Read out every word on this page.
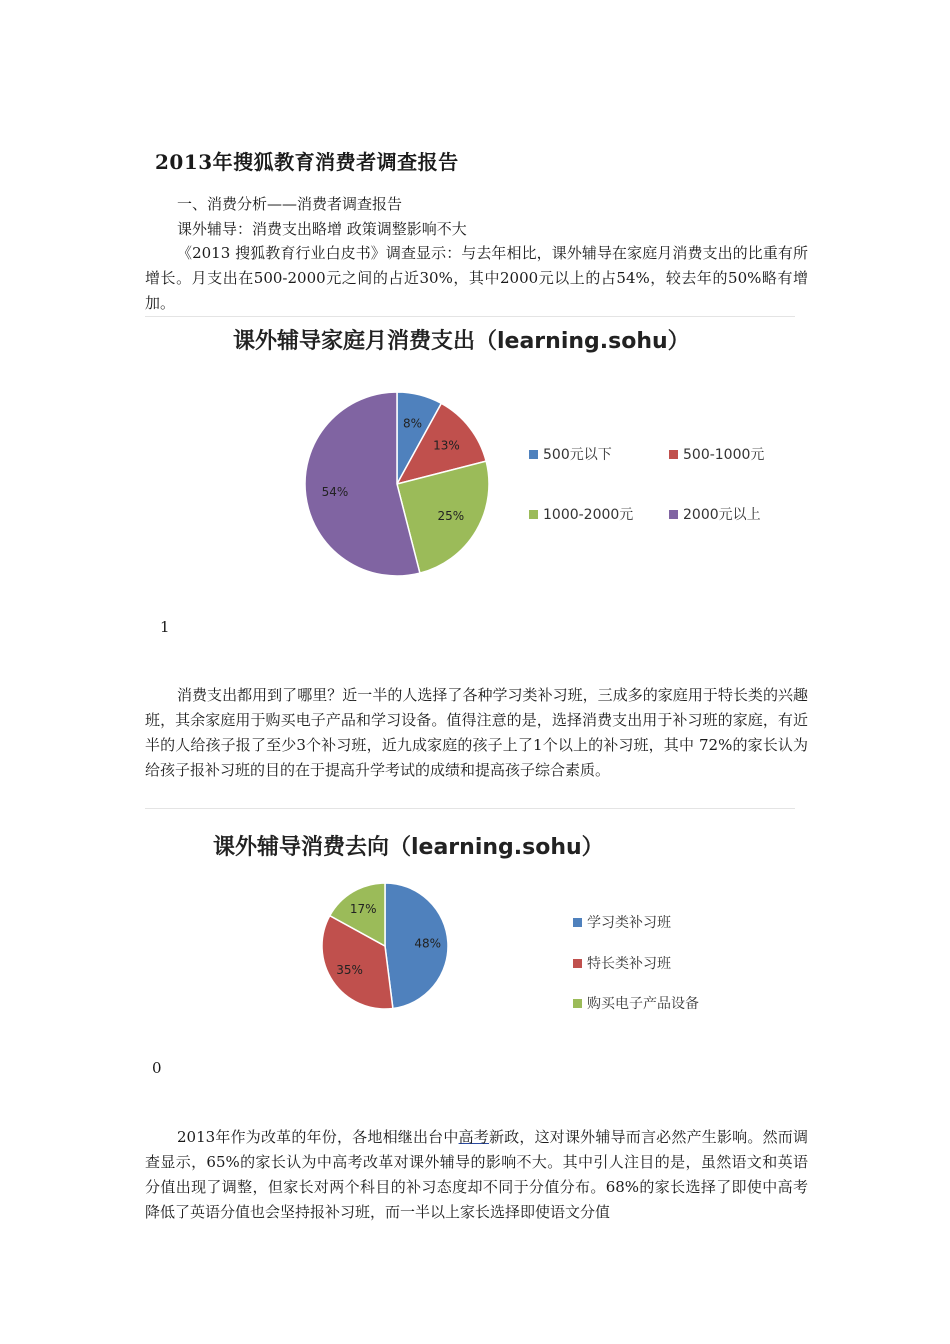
2013年搜狐教育消费者调查报告
一、消费分析——消费者调查报告
课外辅导：消费支出略增 政策调整影响不大

《2013 搜狐教育行业白皮书》调查显示：与去年相比，课外辅导在家庭月消费支出的比重有所增长。月支出在500-2000元之间的占近30%，其中2000元以上的占54%，较去年的50%略有增加。

课外辅导家庭月消费支出（learning.sohu）
8%
13%
25%
54%
500元以下	500-1000元
1000-2000元	2000元以上
1

消费支出都用到了哪里？近一半的人选择了各种学习类补习班，三成多的家庭用于特长类的兴趣班，其余家庭用于购买电子产品和学习设备。值得注意的是，选择消费支出用于补习班的家庭，有近半的人给孩子报了至少3个补习班，近九成家庭的孩子上了1个以上的补习班，其中 72%的家长认为给孩子报补习班的目的在于提高升学考试的成绩和提高孩子综合素质。

课外辅导消费去向（learning.sohu）
48%
35%
17%
学习类补习班
特长类补习班
购买电子产品设备
0

2013年作为改革的年份，各地相继出台中高考新政，这对课外辅导而言必然产生影响。然而调查显示，65%的家长认为中高考改革对课外辅导的影响不大。其中引人注目的是，虽然语文和英语分值出现了调整，但家长对两个科目的补习态度却不同于分值分布。68%的家长选择了即使中高考降低了英语分值也会坚持报补习班，而一半以上家长选择即使语文分值
